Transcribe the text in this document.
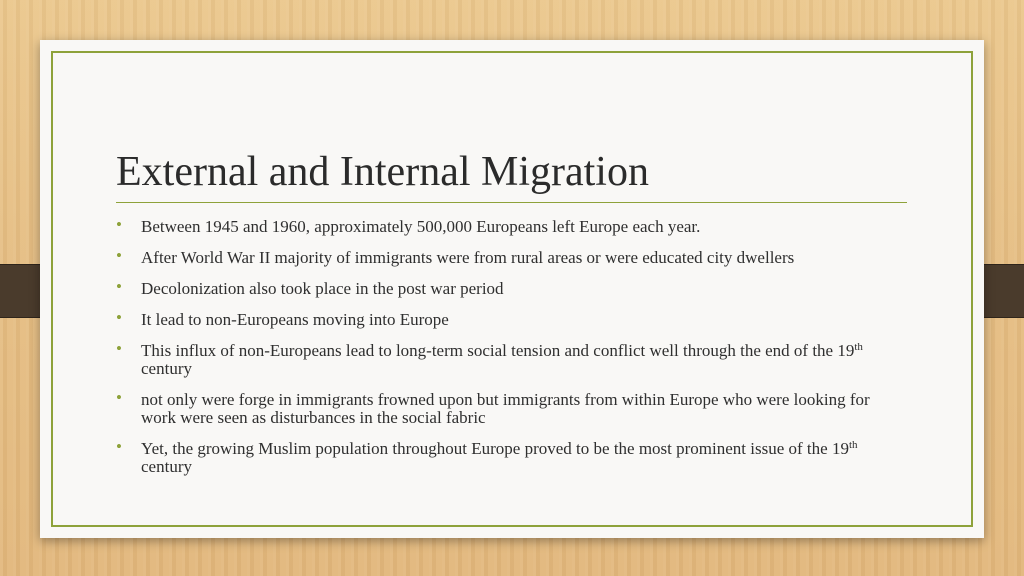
External and Internal Migration
• Between 1945 and 1960, approximately 500,000 Europeans left Europe each year.
• After World War II majority of immigrants were from rural areas or were educated city dwellers
• Decolonization also took place in the post war period
• It lead to non-Europeans moving into Europe
• This influx of non-Europeans lead to long-term social tension and conflict well through the end of the 19th century
• not only were forge in immigrants frowned upon but immigrants from within Europe who were looking for work were seen as disturbances in the social fabric
• Yet, the growing Muslim population throughout Europe proved to be the most prominent issue of the 19th century
